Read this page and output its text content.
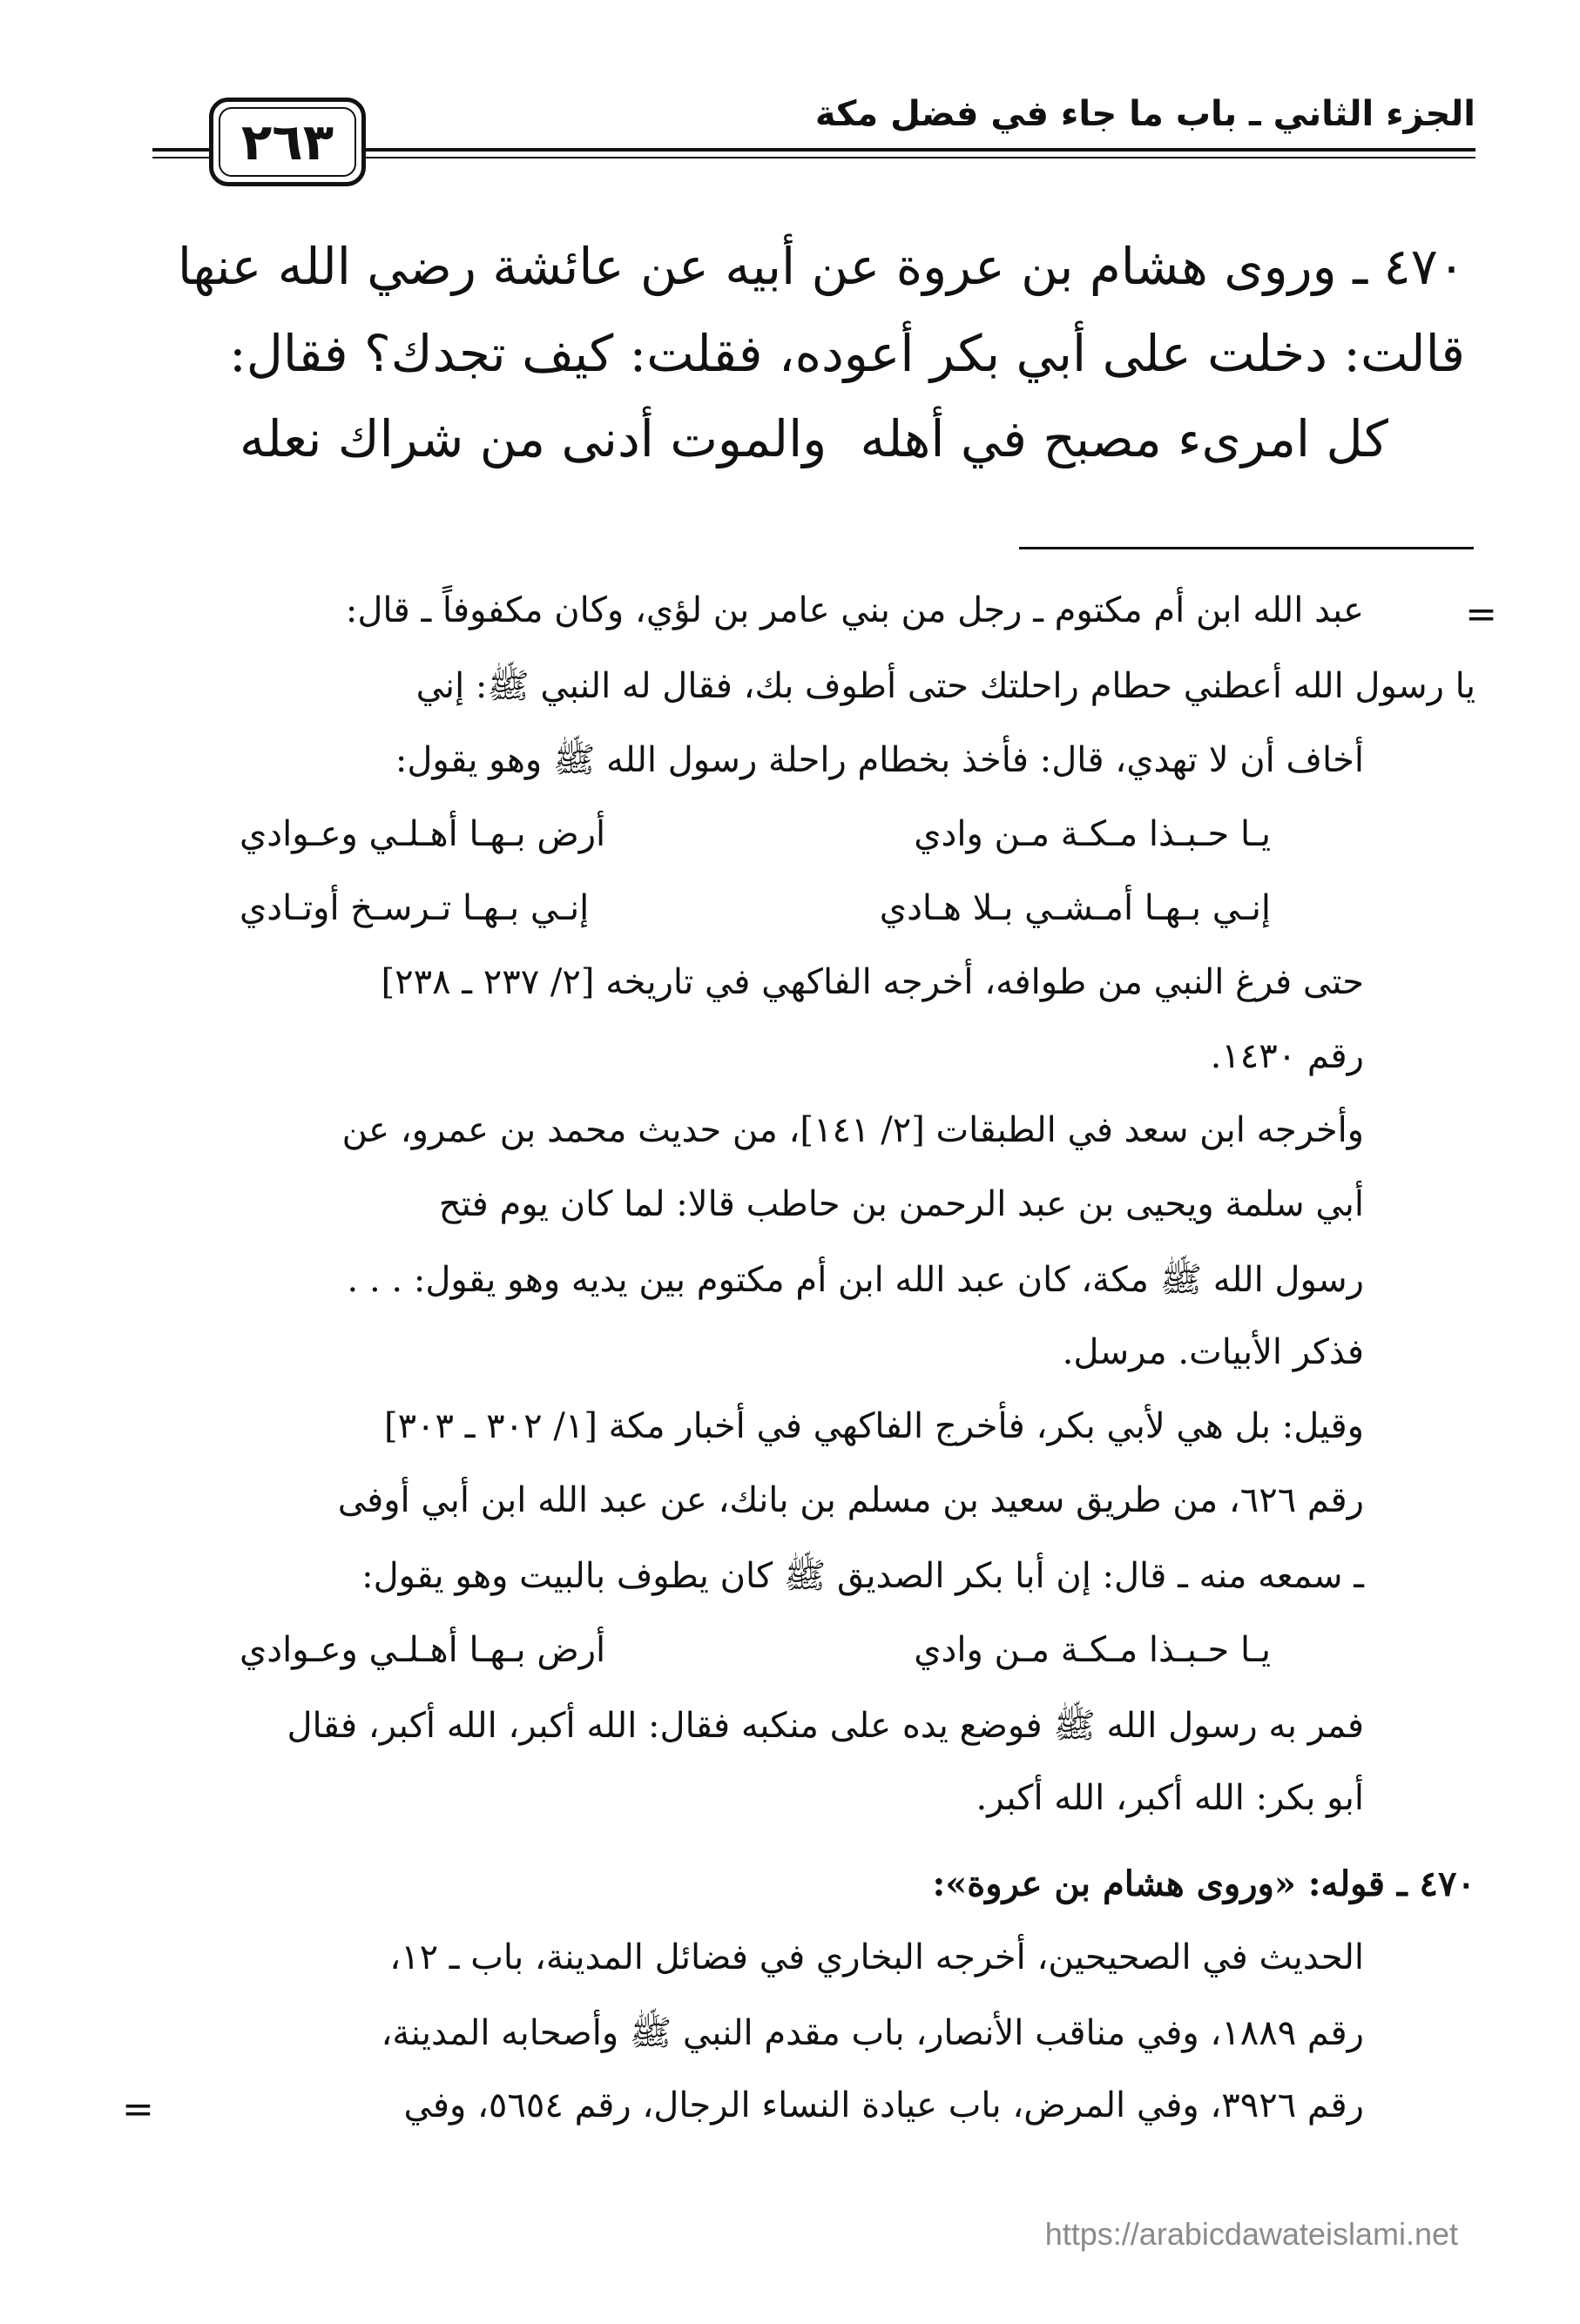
الجزء الثاني ـ باب ما جاء في فضل مكة
٢٦٣
٤٧٠ ـ وروى هشام بن عروة عن أبيه عن عائشة رضي الله عنها
قالت: دخلت على أبي بكر أعوده، فقلت: كيف تجدك؟ فقال:
كل امرىء مصبح في أهله
والموت أدنى من شراك نعله
=
عبد الله ابن أم مكتوم ـ رجل من بني عامر بن لؤي، وكان مكفوفاً ـ قال:
يا رسول الله أعطني حطام راحلتك حتى أطوف بك، فقال له النبي ﷺ: إني
أخاف أن لا تهدي، قال: فأخذ بخطام راحلة رسول الله ﷺ وهو يقول:
يـا حـبـذا مـكـة مـن وادي
أرض بـهـا أهـلـي وعـوادي
إنـي بـهـا أمـشـي بـلا هـادي
إنـي بـهـا تـرسـخ أوتـادي
حتى فرغ النبي من طوافه، أخرجه الفاكهي في تاريخه [٢/ ٢٣٧ ـ ٢٣٨]
رقم ١٤٣٠.
وأخرجه ابن سعد في الطبقات [٢/ ١٤١]، من حديث محمد بن عمرو، عن
أبي سلمة ويحيى بن عبد الرحمن بن حاطب قالا: لما كان يوم فتح
رسول الله ﷺ مكة، كان عبد الله ابن أم مكتوم بين يديه وهو يقول: . . .
فذكر الأبيات. مرسل.
وقيل: بل هي لأبي بكر، فأخرج الفاكهي في أخبار مكة [١/ ٣٠٢ ـ ٣٠٣]
رقم ٦٢٦، من طريق سعيد بن مسلم بن بانك، عن عبد الله ابن أبي أوفى
ـ سمعه منه ـ قال: إن أبا بكر الصديق ﷺ كان يطوف بالبيت وهو يقول:
يـا حـبـذا مـكـة مـن وادي
أرض بـهـا أهـلـي وعـوادي
فمر به رسول الله ﷺ فوضع يده على منكبه فقال: الله أكبر، الله أكبر، فقال
أبو بكر: الله أكبر، الله أكبر.
٤٧٠ ـ قوله: «وروى هشام بن عروة»:
الحديث في الصحيحين، أخرجه البخاري في فضائل المدينة، باب ـ ١٢،
رقم ١٨٨٩، وفي مناقب الأنصار، باب مقدم النبي ﷺ وأصحابه المدينة،
رقم ٣٩٢٦، وفي المرض، باب عيادة النساء الرجال، رقم ٥٦٥٤، وفي
=
https://arabicdawateislami.net
